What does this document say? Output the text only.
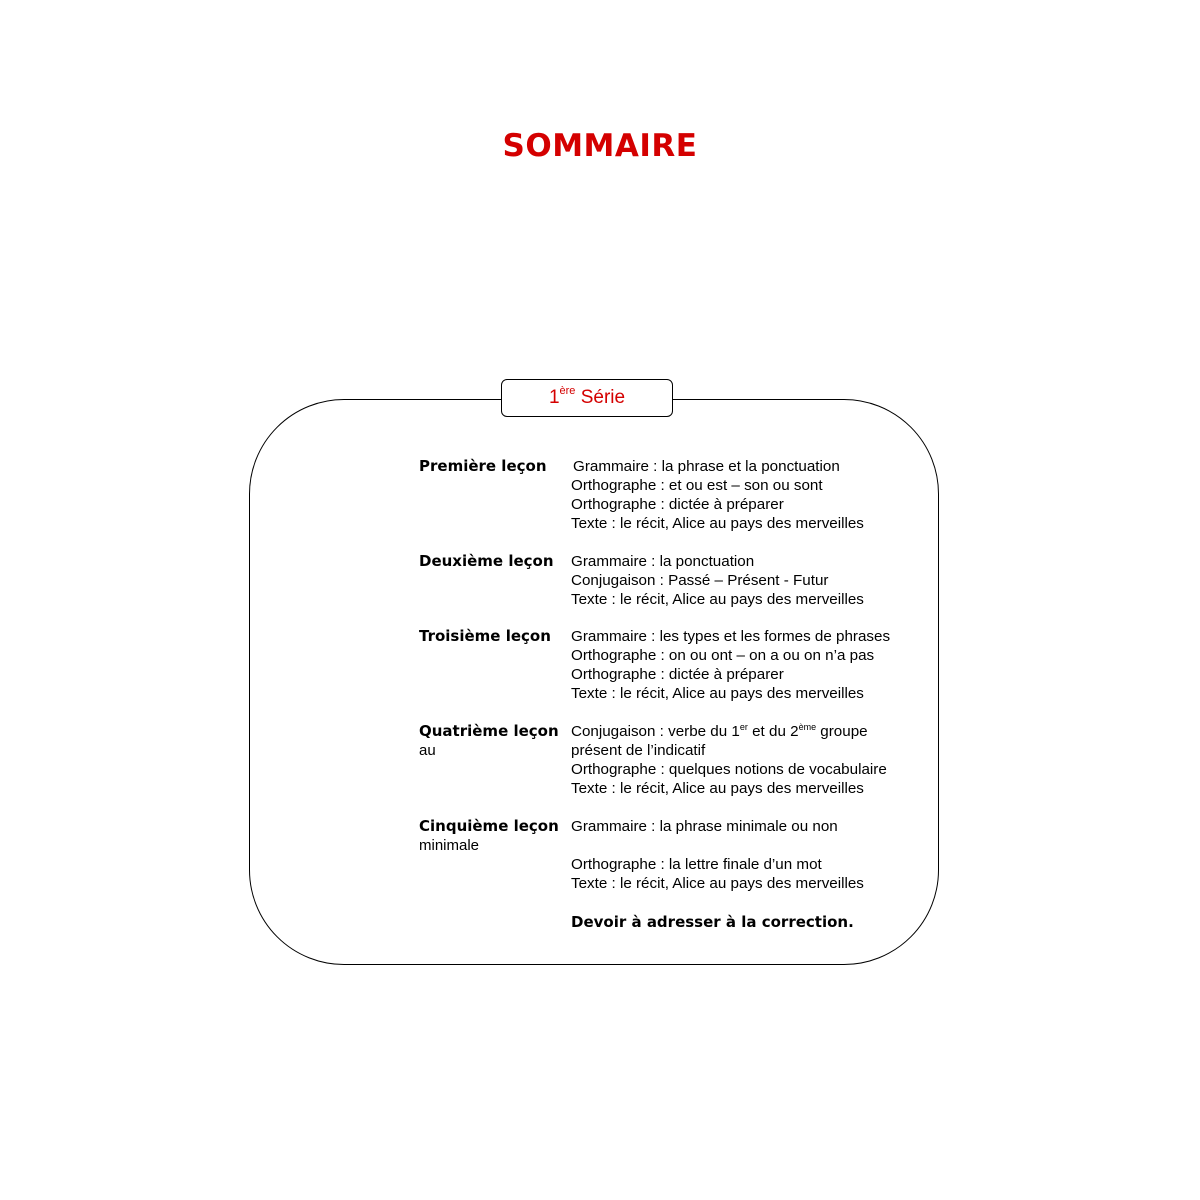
SOMMAIRE
1ère Série
Première leçon Grammaire : la phrase et la ponctuation
Orthographe : et ou est – son ou sont
Orthographe : dictée à préparer
Texte : le récit, Alice au pays des merveilles
Deuxième leçon Grammaire : la ponctuation
Conjugaison : Passé – Présent - Futur
Texte : le récit, Alice au pays des merveilles
Troisième leçon Grammaire : les types et les formes de phrases
Orthographe : on ou ont – on a ou on n’a pas
Orthographe : dictée à préparer
Texte : le récit, Alice au pays des merveilles
Quatrième leçon
au
Conjugaison : verbe du 1er et du 2ème groupe
présent de l’indicatif
Orthographe : quelques notions de vocabulaire
Texte : le récit, Alice au pays des merveilles
Cinquième leçon
minimale
Grammaire : la phrase minimale ou non
Orthographe : la lettre finale d’un mot
Texte : le récit, Alice au pays des merveilles
Devoir à adresser à la correction.
